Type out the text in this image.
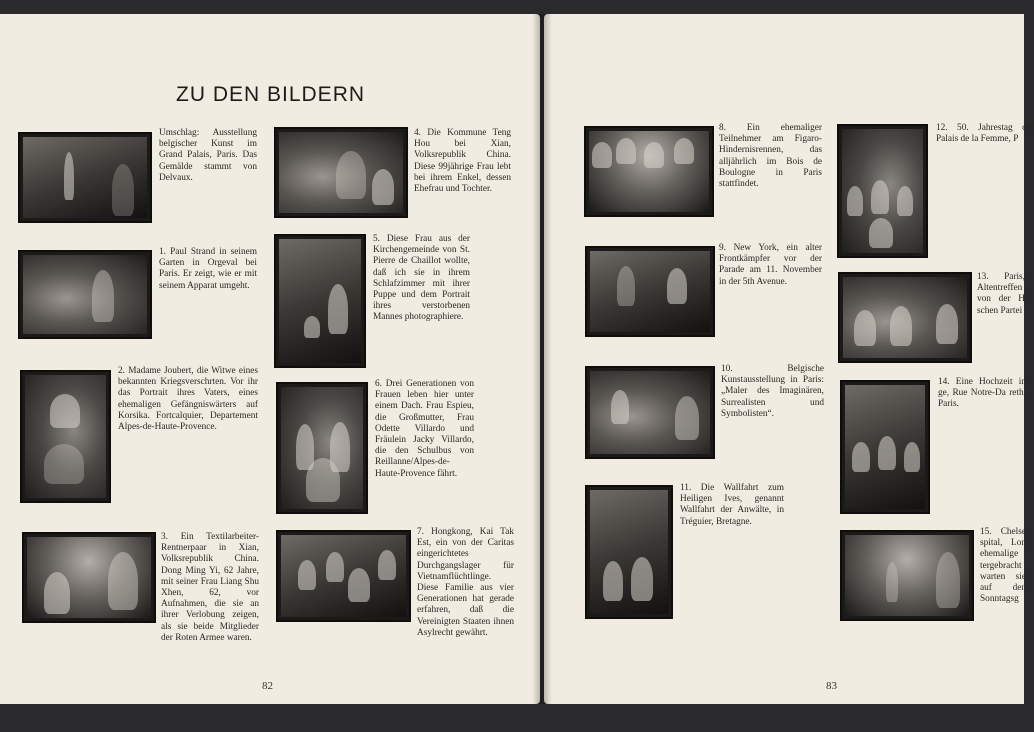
ZU DEN BILDERN
Umschlag: Ausstellung belgischer Kunst im Grand Palais, Paris. Das Gemälde stammt von Delvaux.
1. Paul Strand in seinem Garten in Orgeval bei Paris. Er zeigt, wie er mit seinem Apparat umgeht.
2. Madame Joubert, die Witwe eines bekannten Kriegsverschrten. Vor ihr das Portrait ihres Vaters, eines ehemaligen Gefängniswärters auf Korsika. Fortcalquier, Departement Alpes-de-Haute-Provence.
3. Ein Textilarbeiter-Rentnerpaar in Xian, Volksrepublik China. Dong Ming Yi, 62 Jahre, mit seiner Frau Liang Shu Xhen, 62, vor Aufnahmen, die sie an ihrer Verlobung zeigen, als sie beide Mitglieder der Roten Armee waren.
4. Die Kommune Teng Hou bei Xian, Volksrepublik China. Diese 99jährige Frau lebt bei ihrem Enkel, dessen Ehefrau und Tochter.
5. Diese Frau aus der Kirchengemeinde von St. Pierre de Chaillot wollte, daß ich sie in ihrem Schlafzimmer mit ihrer Puppe und dem Portrait ihres verstorbenen Mannes photographiere.
6. Drei Generationen von Frauen leben hier unter einem Dach. Frau Espieu, die Großmutter, Frau Odette Villardo und Fräulein Jacky Villardo, die den Schulbus von Reillanne/Alpes-de-Haute-Provence fährt.
7. Hongkong, Kai Tak Est, ein von der Caritas eingerichtetes Durchgangslager für Vietnamflüchtlinge. Diese Familie aus vier Generationen hat gerade erfahren, daß die Vereinigten Staaten ihnen Asylrecht gewährt.
82
8. Ein ehemaliger Teilnehmer am Figaro-Hindernisrennen, das alljährlich im Bois de Boulogne in Paris stattfindet.
9. New York, ein alter Frontkämpfer vor der Parade am 11. November in der 5th Avenue.
10. Belgische Kunstausstellung in Paris: „Maler des Imaginären, Surrealisten und Symbolisten“.
11. Die Wallfahrt zum Heiligen Ives, genannt Wallfahrt der Anwälte, in Tréguier, Bretagne.
12. 50. Jahrestag der Palais de la Femme, P
13. Paris, Altentreffen von der H schen Partei
14. Eine Hochzeit in ge, Rue Notre-Da reth, Paris.
15. Chelse spital, Lon ehemalige tergebracht warten sie auf den Sonntagsg
83
